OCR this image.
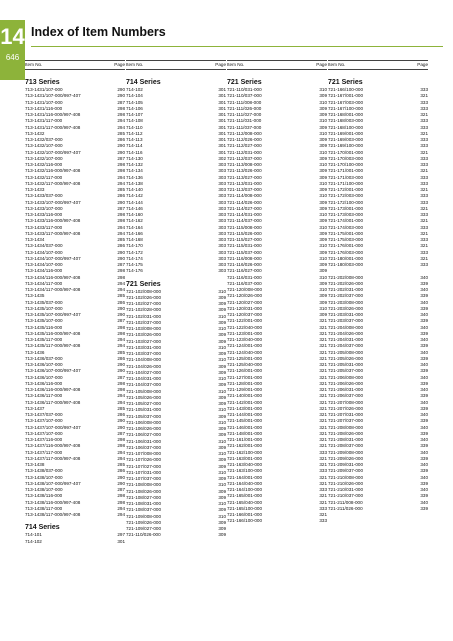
14
646
Index of Item Numbers
Item No.	Page
713 Series
713-1431/107-000	290
713-1431/107-000/997-407	290
713-1431/107-000	287
713-1431/116-000	298
713-1431/116-000/997-408	298
713-1431/117-000	294
713-1431/117-000/997-408	294
713-1432	285
713-1432/037-000	286
713-1432/107-000	290
713-1432/107-000/997-407	290
713-1432/107-000	287
713-1432/116-000	298
713-1432/116-000/997-408	298
713-1432/117-000	294
713-1432/117-000/997-408	294
713-1433	285
713-1433/037-000	286
713-1433/107-000/997-407	290
713-1433/107-000	287
713-1433/116-000	298
713-1433/116-000/997-408	298
713-1433/117-000	294
713-1433/117-000/997-408	294
713-1434	285
713-1434/037-000	286
713-1434/107-000	290
713-1434/107-000/997-407	290
713-1434/107-000	287
713-1434/116-000	298
713-1434/116-000/997-408	298
713-1434/117-000	294
713-1434/117-000/997-408	294
713-1435	285
713-1435/037-000	286
713-1435/107-000	290
713-1435/107-000/997-407	290
713-1435/107-000	287
713-1435/116-000	298
713-1435/116-000/997-408	298
713-1435/117-000	294
713-1435/117-000/997-408	294
713-1436	285
713-1436/037-000	286
713-1436/107-000	290
713-1436/107-000/997-407	290
713-1436/107-000	287
713-1436/116-000	298
713-1436/116-000/997-408	298
713-1436/117-000	294
713-1436/117-000/997-408	294
713-1437	285
713-1437/037-000	286
713-1437/107-000	290
713-1437/107-000/997-407	290
713-1437/107-000	287
713-1437/116-000	298
713-1437/116-000/997-408	298
713-1437/117-000	294
713-1437/117-000/997-408	294
713-1438	285
713-1438/037-000	286
713-1438/107-000	290
713-1438/107-000/997-407	290
713-1438/107-000	287
713-1438/116-000	298
713-1438/116-000/997-408	298
713-1438/117-000	294
713-1438/117-000/997-408	294
714 Series
714-101	297
714-102	301
Item No.	Page
714 Series
714-102	301
714-104	301
714-105	301
714-106	301
714-107	301
714-108	301
714-110	301
714-112	301
714-113	301
714-114	301
714-116	301
714-130	302
714-132	303
714-134	303
714-136	303
714-138	303
714-140	303
714-142	303
714-144	303
714-146	303
714-160	303
714-162	303
714-164	303
714-166	303
714-168	303
714-170	303
714-172	303
714-174	303
714-175	303
714-176	303
721 Series
721-102/008-000	310
721-102/026-000	309
721-102/027-000	309
721-102/028-000	309
721-102/031-000	310
721-102/037-000	309
721-103/008-000	310
721-103/026-000	309
721-103/027-000	309
721-103/031-000	310
721-103/037-000	309
721-104/008-000	310
721-104/026-000	309
721-104/027-000	309
721-104/031-000	310
721-104/037-000	309
721-105/008-000	310
721-105/026-000	309
721-105/027-000	309
721-105/031-000	310
721-105/037-000	309
721-106/008-000	310
721-106/026-000	309
721-106/027-000	309
721-106/031-000	310
721-106/037-000	309
721-107/008-000	310
721-107/026-000	309
721-107/027-000	309
721-107/031-000	310
721-107/037-000	309
721-108/008-000	310
721-108/026-000	309
721-108/027-000	309
721-108/031-000	310
721-108/037-000	309
721-109/008-000	310
721-109/026-000	309
721-109/027-000	309
721-110/026-000	309
Item No.	Page
721 Series
721-110/031-000	310
721-110/037-000	309
721-111/008-000	310
721-111/026-000	309
721-111/027-000	309
721-111/031-000	310
721-111/037-000	309
721-112/008-000	310
721-112/026-000	309
721-112/027-000	309
721-112/031-000	310
721-112/037-000	309
721-113/008-000	310
721-113/026-000	309
721-113/027-000	309
721-113/031-000	310
721-113/037-000	309
721-114/008-000	310
721-114/026-000	309
721-114/027-000	309
721-114/031-000	310
721-114/037-000	309
721-115/008-000	310
721-115/026-000	309
721-115/027-000	309
721-115/031-000	310
721-115/037-000	309
721-116/008-000	310
721-116/026-000	309
721-116/027-000	309
721-116/031-000	310
721-116/037-000	309
721-120/008-000	310
721-120/026-000	309
721-120/027-000	309
721-120/031-000	310
721-120/037-000	309
721-122/001-000	321
721-122/040-000	321
721-123/001-000	321
721-123/040-000	321
721-124/001-000	321
721-124/040-000	321
721-125/001-000	321
721-125/040-000	321
721-126/001-000	321
721-127/001-000	321
721-128/001-000	321
721-129/001-000	321
721-140/001-000	321
721-142/001-000	321
721-143/001-000	321
721-144/001-000	321
721-145/001-000	321
721-146/001-000	321
721-148/001-000	321
721-161/001-000	321
721-162/001-000	321
721-162/100-000	333
721-163/001-000	321
721-163/040-000	321
721-163/100-000	333
721-164/001-000	321
721-164/040-000	321
721-164/100-000	333
721-165/001-000	321
721-165/040-000	321
721-165/100-000	333
721-166/001-000	321
721-166/100-000	333
Item No.	Page
721 Series
721-166/100-000	333
721-167/001-000	321
721-167/003-000	333
721-167/100-000	333
721-168/001-000	321
721-168/003-000	333
721-168/100-000	333
721-169/001-000	321
721-169/003-000	333
721-169/100-000	333
721-170/001-000	321
721-170/003-000	333
721-170/100-000	333
721-171/001-000	321
721-171/003-000	333
721-171/100-000	333
721-172/001-000	321
721-172/003-000	333
721-172/100-000	333
721-173/001-000	321
721-173/003-000	333
721-174/001-000	321
721-174/003-000	333
721-175/001-000	321
721-175/003-000	333
721-176/001-000	321
721-176/003-000	333
721-180/001-000	321
721-180/003-000	333
721-202/008-000	340
721-202/026-000	339
721-202/031-000	340
721-202/037-000	339
721-203/008-000	340
721-203/026-000	339
721-203/031-000	340
721-203/037-000	339
721-204/008-000	340
721-204/026-000	339
721-204/031-000	340
721-204/037-000	339
721-205/008-000	340
721-205/026-000	339
721-205/031-000	340
721-205/037-000	339
721-206/008-000	340
721-206/026-000	339
721-206/031-000	340
721-206/037-000	339
721-207/008-000	340
721-207/026-000	339
721-207/031-000	340
721-207/037-000	339
721-208/008-000	340
721-208/026-000	339
721-208/031-000	340
721-208/037-000	339
721-209/008-000	340
721-209/026-000	339
721-209/031-000	340
721-209/037-000	339
721-210/008-000	340
721-210/026-000	339
721-210/031-000	340
721-210/037-000	339
721-211/008-000	340
721-211/026-000	339
